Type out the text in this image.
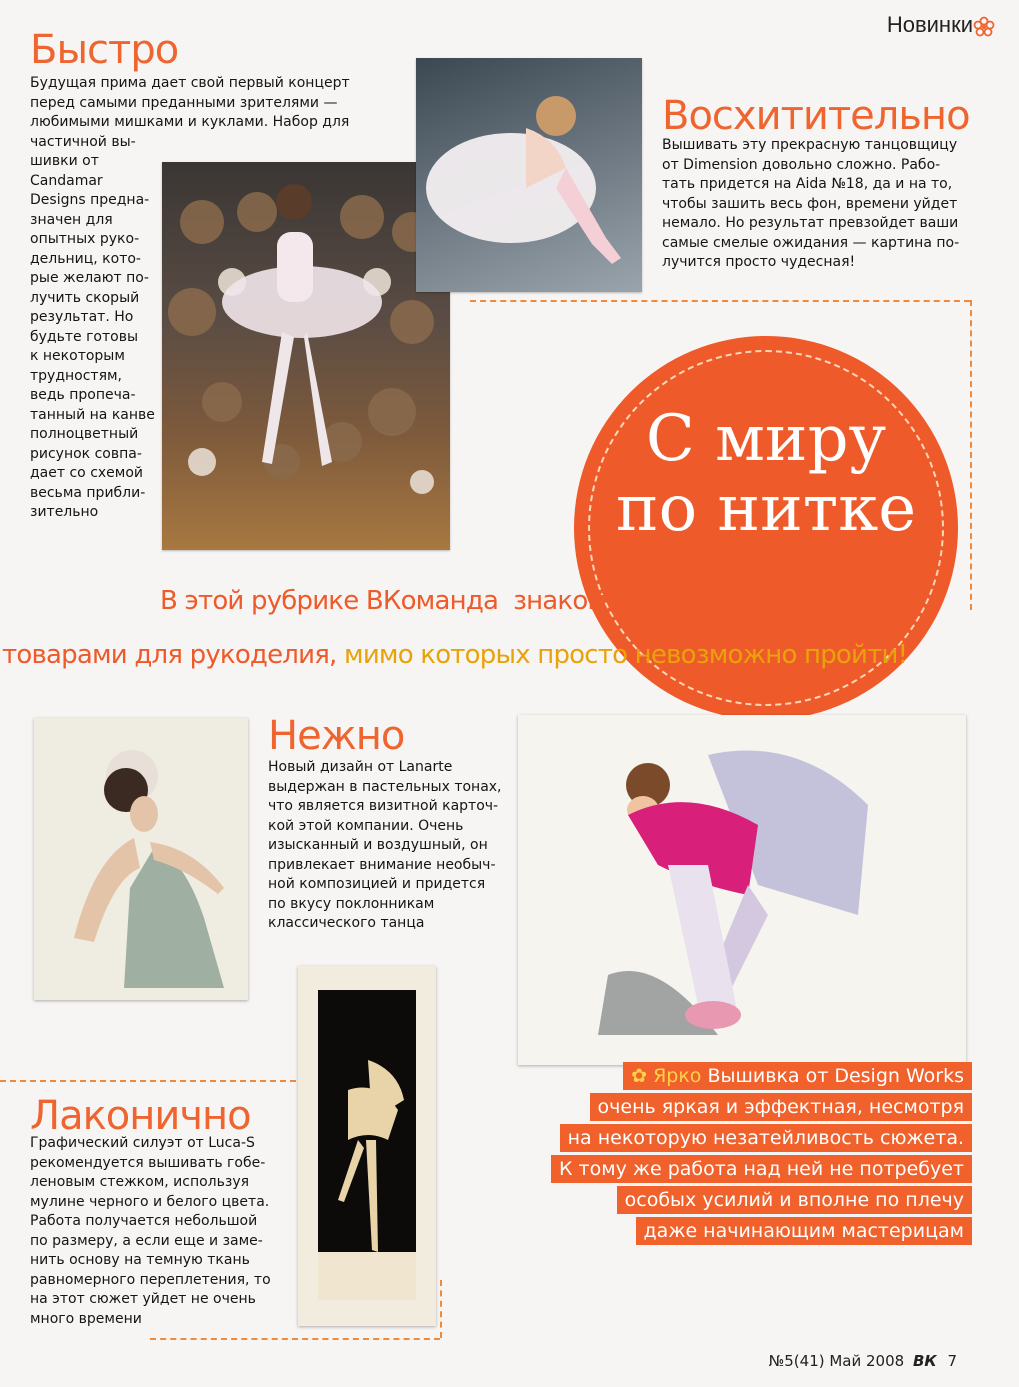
Новинки
Быстро
Будущая прима дает свой первый концерт
перед самыми преданными зрителями —
любимыми мишками и куклами. Набор для
частичной вы-
шивки от
Candamar
Designs предна-
значен для
опытных руко-
дельниц, кото-
рые желают по-
лучить скорый
результат. Но
будьте готовы
к некоторым
трудностям,
ведь пропеча-
танный на канве
полноцветный
рисунок совпа-
дает со схемой
весьма прибли-
зительно
Восхитительно
Вышивать эту прекрасную танцовщицу
от Dimension довольно сложно. Рабо-
тать придется на Aida №18, да и на то,
чтобы зашить весь фон, времени уйдет
немало. Но результат превзойдет ваши
самые смелые ожидания — картина по-
лучится просто чудесная!
С миру
по нитке
В этой рубрике ВКоманда  знакомит вас с оригинальными
товарами для рукоделия, мимо которых просто невозможно пройти!
Нежно
Новый дизайн от Lanarte
выдержан в пастельных тонах,
что является визитной карточ-
кой этой компании. Очень
изысканный и воздушный, он
привлекает внимание необыч-
ной композицией и придется
по вкусу поклонникам
классического танца
Лаконично
Графический силуэт от Luca-S
рекомендуется вышивать гобе-
леновым стежком, используя
мулине черного и белого цвета.
Работа получается небольшой
по размеру, а если еще и заме-
нить основу на темную ткань
равномерного переплетения, то
на этот сюжет уйдет не очень
много времени
✿ Ярко Вышивка от Design Works
очень яркая и эффектная, несмотря
на некоторую незатейливость сюжета.
К тому же работа над ней не потребует
особых усилий и вполне по плечу
даже начинающим мастерицам
№5(41) Май 2008 ВК 7
